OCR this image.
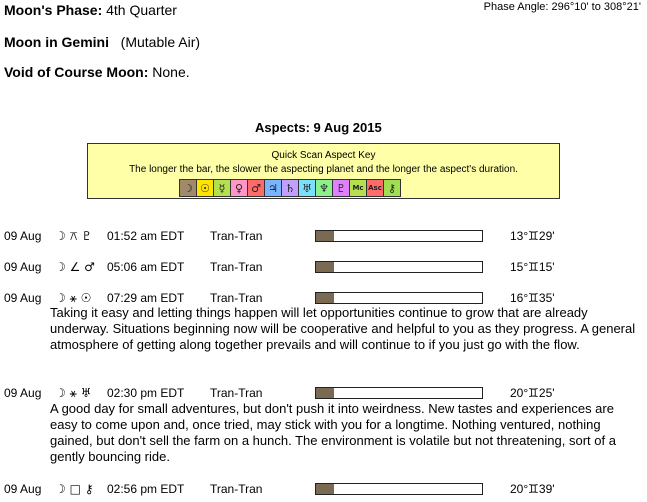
Moon's Phase: 4th Quarter	Phase Angle: 296°10' to 308°21'
Moon in Gemini (Mutable Air)
Void of Course Moon: None.
Aspects: 9 Aug 2015
Quick Scan Aspect Key
The longer the bar, the slower the aspecting planet and the longer the aspect's duration.
☽ ☉ ☿ ♀ ♂ ♃ ♄ ♅ ♆ ♇ Mc Asc ⚷
09 Aug ☽ ⚻ ♇ 01:52 am EDT Tran-Tran	13°♊29'
09 Aug ☽ ∠ ♂ 05:06 am EDT Tran-Tran	15°♊15'
09 Aug ☽ ⚹ ☉ 07:29 am EDT Tran-Tran	16°♊35'
Taking it easy and letting things happen will let opportunities continue to grow that are already underway. Situations beginning now will be cooperative and helpful to you as they progress. A general atmosphere of getting along together prevails and will continue to if you just go with the flow.
09 Aug ☽ ⚹ ♅ 02:30 pm EDT Tran-Tran	20°♊25'
A good day for small adventures, but don't push it into weirdness. New tastes and experiences are easy to come upon and, once tried, may stick with you for a longtime. Nothing ventured, nothing gained, but don't sell the farm on a hunch. The environment is volatile but not threatening, sort of a gently bouncing ride.
09 Aug ☽ □ ⚷ 02:56 pm EDT Tran-Tran	20°♊39'
